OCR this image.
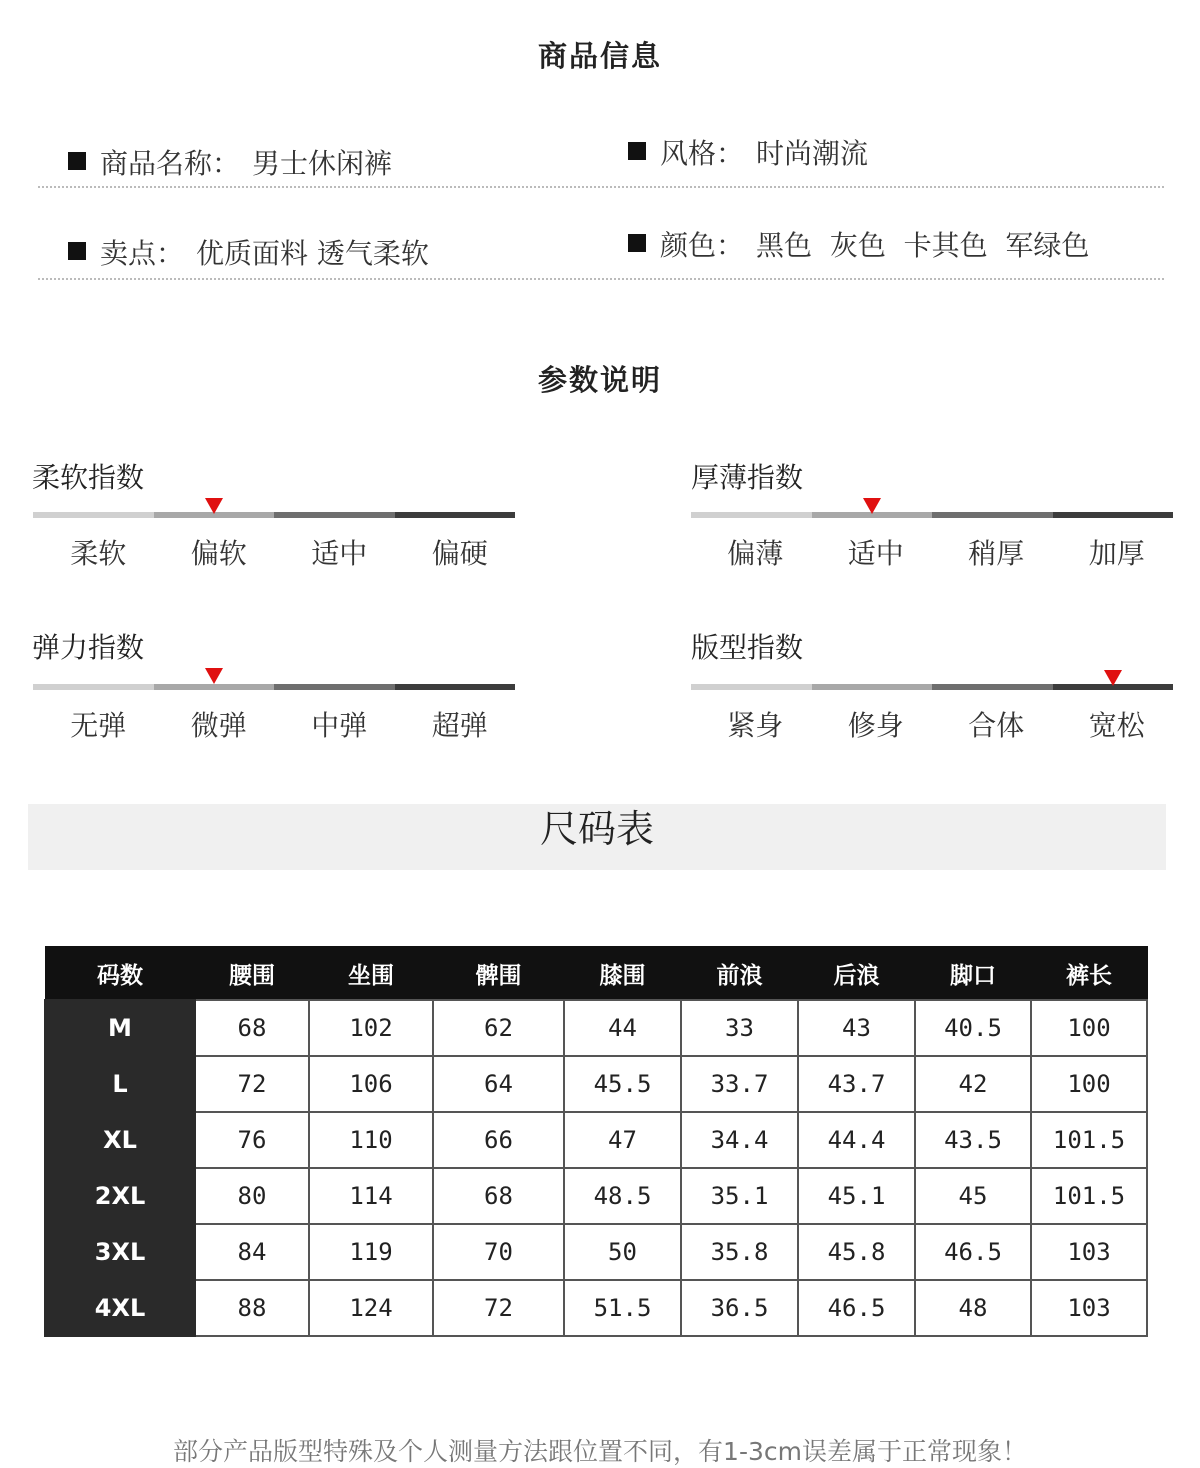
商品信息
商品名称： 男士休闲裤	风格： 时尚潮流
卖点： 优质面料 透气柔软	颜色： 黑色  灰色  卡其色  军绿色
参数说明
柔软指数
柔软	偏软	适中	偏硬
厚薄指数
偏薄	适中	稍厚	加厚
弹力指数
无弹	微弹	中弹	超弹
版型指数
紧身	修身	合体	宽松
尺码表
码数	腰围	坐围	髀围	膝围	前浪	后浪	脚口	裤长
M	68	102	62	44	33	43	40.5	100
L	72	106	64	45.5	33.7	43.7	42	100
XL	76	110	66	47	34.4	44.4	43.5	101.5
2XL	80	114	68	48.5	35.1	45.1	45	101.5
3XL	84	119	70	50	35.8	45.8	46.5	103
4XL	88	124	72	51.5	36.5	46.5	48	103
部分产品版型特殊及个人测量方法跟位置不同，有1-3cm误差属于正常现象！
